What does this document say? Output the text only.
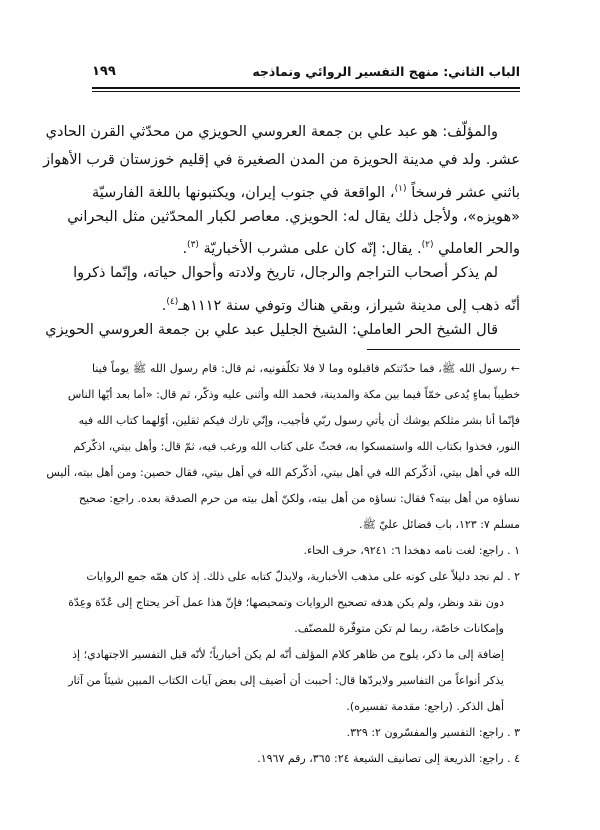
الباب الثاني: منهج التفسير الروائي ونماذجه
١٩٩
والمؤلّف: هو عبد علي بن جمعة العروسي الحويزي من محدّثي القرن الحادي
عشر. ولد في مدينة الحويزة من المدن الصغيرة في إقليم خوزستان قرب الأهواز
باثني عشر فرسخاً $^{(١)}$، الواقعة في جنوب إيران، ويكتبونها باللغة الفارسيّة
«هويزه»، ولأجل ذلك يقال له: الحويزي. معاصر لكبار المحدّثين مثل البحراني
والحر العاملي $^{(٢)}$. يقال: إنّه كان على مشرب الأخباريّة $^{(٣)}$.
لم يذكر أصحاب التراجم والرجال، تاريخ ولادته وأحوال حياته، وإنّما ذكروا
أنّه ذهب إلى مدينة شيراز، وبقي هناك وتوفي سنة ١١١٢هـ$^{(٤)}$.
قال الشيخ الحر العاملي: الشيخ الجليل عبد علي بن جمعة العروسي الحويزي
← رسول الله ﷺ، فما حدّثتكم فاقبلوه وما لا فلا تكلّفونيه، ثم قال: قام رسول الله ﷺ يوماً فينا
خطيباً بماءٍ يُدعى خمّاً فيما بين مكة والمدينة، فحمد الله وأثنى عليه وذكّر، ثم قال: «أما بعد أيّها الناس
فإنّما أنا بشر مثلكم يوشك أن يأتي رسول ربّي فأجيب، وإنّي تارك فيكم ثقلين، أوّلهما كتاب الله فيه
النور، فخذوا بكتاب الله واستمسكوا به، فحثّ على كتاب الله ورغب فيه، ثمّ قال: وأهل بيتي، اذكّركم
الله في أهل بيتي، أذكّركم الله في أهل بيتي، أذكّركم الله في أهل بيتي، فقال حصين: ومن أهل بيته، أليس
نساؤه من أهل بيته؟ فقال: نساؤه من أهل بيته، ولكنّ أهل بيته من حرم الصدقة بعده. راجع: صحيح
مسلم ٧: ١٢٣، باب فضائل عليّ ﷺ.
١ . راجع: لغت نامه دهخدا ٦: ٩٢٤١، حرف الحاء.
٢ . لم نجد دليلاً على كونه على مذهب الأخبارية، ولايدلّ كتابه على ذلك. إذ كان همّه جمع الروايات
دون نقد ونظر، ولم يكن هدفه تصحيح الروايات وتمحيصها؛ فإنّ هذا عمل آخر يحتاج إلى عُدّة وعِدّة
وإمكانات خاصّة، ربما لم تكن متوفّرة للمصنّف.
إضافة إلى ما ذكر، يلوح من ظاهر كلام المؤلف أنّه لم يكن أخبارياً؛ لأنّه قبل التفسير الاجتهادي؛ إذ
يذكر أنواعاً من التفاسير ولايردّها قال: أحببت أن أضيف إلى بعض آيات الكتاب المبين شيئاً من آثار
أهل الذكر. (راجع: مقدمة تفسيره).
٣ . راجع: التفسير والمفسّرون ٢: ٣٢٩.
٤ . راجع: الذريعة إلى تصانيف الشيعة ٢٤: ٣٦٥، رقم ١٩٦٧.
